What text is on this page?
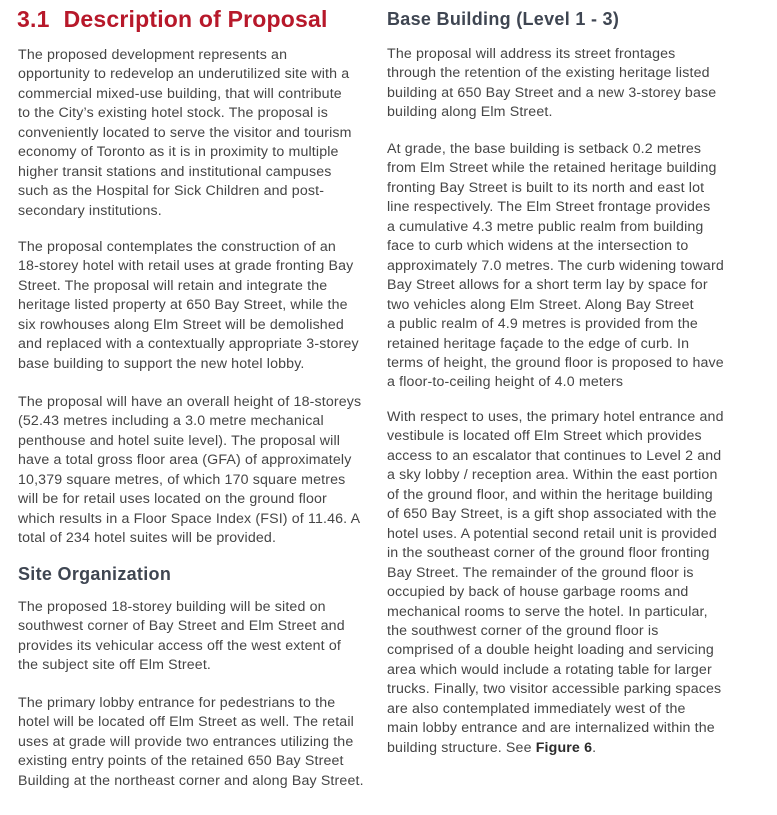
3.1 Description of Proposal
The proposed development represents an
opportunity to redevelop an underutilized site with a
commercial mixed-use building, that will contribute
to the City’s existing hotel stock. The proposal is
conveniently located to serve the visitor and tourism
economy of Toronto as it is in proximity to multiple
higher transit stations and institutional campuses
such as the Hospital for Sick Children and post-
secondary institutions.
The proposal contemplates the construction of an
18-storey hotel with retail uses at grade fronting Bay
Street. The proposal will retain and integrate the
heritage listed property at 650 Bay Street, while the
six rowhouses along Elm Street will be demolished
and replaced with a contextually appropriate 3-storey
base building to support the new hotel lobby.
The proposal will have an overall height of 18-storeys
(52.43 metres including a 3.0 metre mechanical
penthouse and hotel suite level). The proposal will
have a total gross floor area (GFA) of approximately
10,379 square metres, of which 170 square metres
will be for retail uses located on the ground floor
which results in a Floor Space Index (FSI) of 11.46. A
total of 234 hotel suites will be provided.
Site Organization
The proposed 18-storey building will be sited on
southwest corner of Bay Street and Elm Street and
provides its vehicular access off the west extent of
the subject site off Elm Street.
The primary lobby entrance for pedestrians to the
hotel will be located off Elm Street as well. The retail
uses at grade will provide two entrances utilizing the
existing entry points of the retained 650 Bay Street
Building at the northeast corner and along Bay Street.
Base Building (Level 1 - 3)
The proposal will address its street frontages
through the retention of the existing heritage listed
building at 650 Bay Street and a new 3-storey base
building along Elm Street.
At grade, the base building is setback 0.2 metres
from Elm Street while the retained heritage building
fronting Bay Street is built to its north and east lot
line respectively. The Elm Street frontage provides
a cumulative 4.3 metre public realm from building
face to curb which widens at the intersection to
approximately 7.0 metres. The curb widening toward
Bay Street allows for a short term lay by space for
two vehicles along Elm Street. Along Bay Street
a public realm of 4.9 metres is provided from the
retained heritage façade to the edge of curb. In
terms of height, the ground floor is proposed to have
a floor-to-ceiling height of 4.0 meters
With respect to uses, the primary hotel entrance and
vestibule is located off Elm Street which provides
access to an escalator that continues to Level 2 and
a sky lobby / reception area. Within the east portion
of the ground floor, and within the heritage building
of 650 Bay Street, is a gift shop associated with the
hotel uses. A potential second retail unit is provided
in the southeast corner of the ground floor fronting
Bay Street. The remainder of the ground floor is
occupied by back of house garbage rooms and
mechanical rooms to serve the hotel. In particular,
the southwest corner of the ground floor is
comprised of a double height loading and servicing
area which would include a rotating table for larger
trucks. Finally, two visitor accessible parking spaces
are also contemplated immediately west of the
main lobby entrance and are internalized within the
building structure. See Figure 6.
